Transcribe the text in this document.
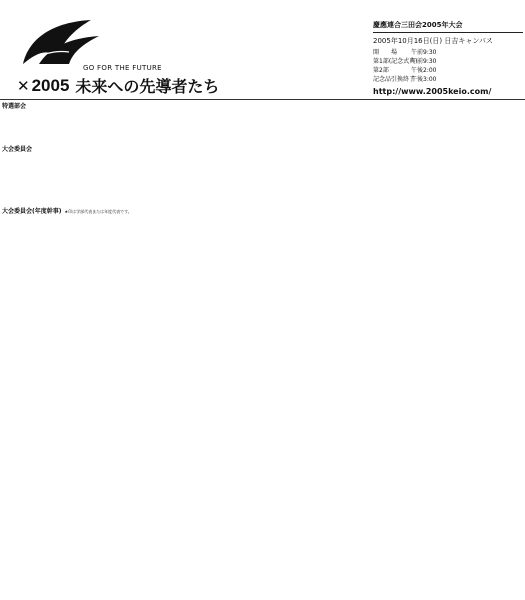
GO FOR THE FUTURE
✕ 2005 未来への先導者たち
慶應連合三田会2005年大会
2005年10月16日(日) 日吉キャンパス
開　　場	午前9:30
第1部(記念式典)
午前9:30
第2部	午後2:00
記念品引換終了
午後3:00
http://www.2005keio.com/
特選部会
大会委員会
大会委員会(年度幹事) ★印は学部代表または年度代表です。
